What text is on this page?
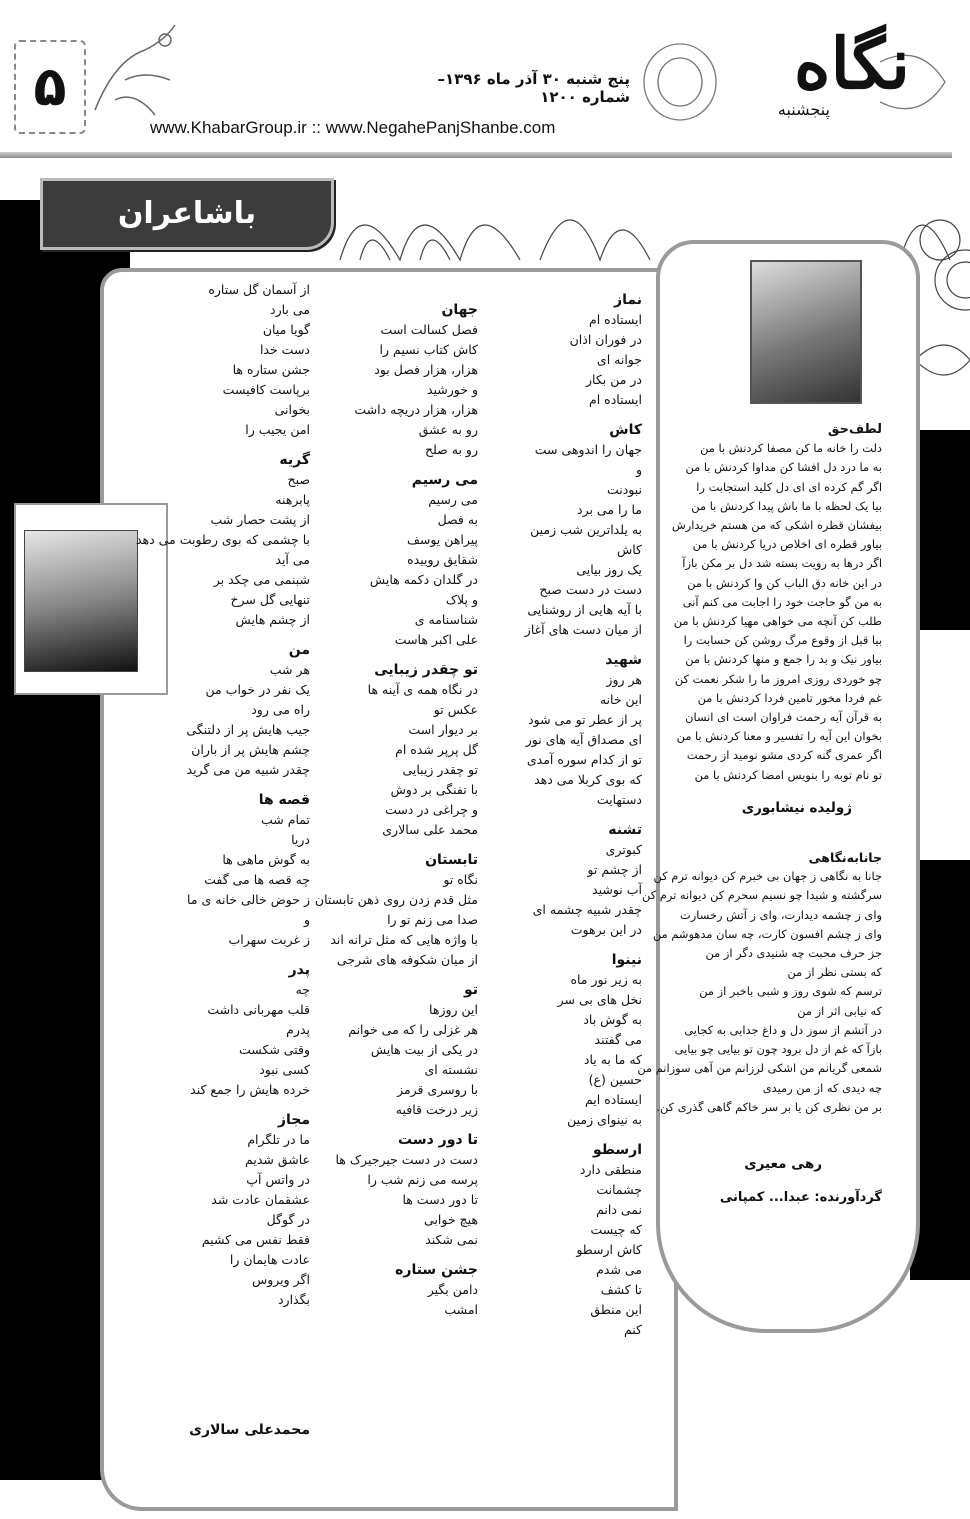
۵	نگاه
پنجشنبه
پنج شنبه ۳۰ آذر ماه ۱۳۹۶– شماره ۱۲۰۰
www.KhabarGroup.ir :: www.NegahePanjShanbe.com
باشاعران
نماز
ایستاده ام
در فوران اذان
جوانه ای
در من بکار
ایستاده ام
کاش
جهان را اندوهی ست
و
نبودنت
ما را می برد
به یلداترین شب زمین
کاش
یک روز بیایی
دست در دست صبح
با آیه هایی از روشنایی
از میان دست های آغاز
شهید
هر روز
این خانه
پر از عطر تو می شود
ای مصداق آیه های نور
تو از کدام سوره آمدی
که بوی کربلا می دهد
دستهایت
تشنه
کبوتری
از چشم تو
آب نوشید
چقدر شبیه چشمه ای
در این برهوت
نینوا
به زیر نور ماه
نخل های بی سر
به گوش باد
می گفتند
که ما به یاد
حسین (ع)
ایستاده ایم
به نینوای زمین
ارسطو
منطقی دارد
چشمانت
نمی دانم
که چیست
کاش ارسطو
می شدم
تا کشف
این منطق
کنم
جهان
فصل کسالت است
کاش کتاب نسیم را
هزار، هزار فصل بود
و خورشید
هزار، هزار دریچه داشت
رو به عشق
رو به صلح
می رسیم
می رسیم
به فصل
پیراهن یوسف
شقایق روییده
در گلدان دکمه هایش
و پلاک
شناسنامه ی
علی اکبر هاست
تو چقدر زیبایی
در نگاه همه ی آینه ها
عکس تو
بر دیوار است
گل پرپر شده ام
تو چقدر زیبایی
با تفنگی بر دوش
و چراغی در دست
محمد علی سالاری
تابستان
نگاه تو
مثل قدم زدن روی ذهن تابستان
صدا می زنم تو را
با واژه هایی که مثل ترانه اند
از میان شکوفه های شرجی
تو
این روزها
هر غزلی را که می خوانم
در یکی از بیت هایش
نشسته ای
با روسری قرمز
زیر درخت قافیه
تا دور دست
دست در دست جیرجیرک ها
پرسه می زنم شب را
تا دور دست ها
هیچ خوابی
نمی شکند
جشن ستاره
دامن بگیر
امشب
از آسمان گل ستاره
می بارد
گویا میان
دست خدا
جشن ستاره ها
برپاست کافیست
بخوانی
امن یجیب را
گریه
صبح
پابرهنه
از پشت حصار شب
با چشمی که بوی رطوبت می دهد
می آید
شبنمی می چکد بر
تنهایی گل سرخ
از چشم هایش
من
هر شب
یک نفر در خواب من
راه می رود
جیب هایش پر از دلتنگی
چشم هایش پر از باران
چقدر شبیه من می گرید
قصه ها
تمام شب
دریا
به گوش ماهی ها
چه قصه ها می گفت
ز حوض خالی خانه ی ما
و
ز غربت سهراب
پدر
چه
قلب مهربانی داشت
پدرم
وقتی شکست
کسی نبود
خرده هایش را جمع کند
مجاز
ما در تلگرام
عاشق شدیم
در واتس آپ
عشقمان عادت شد
در گوگل
فقط نفس می کشیم
عادت هایمان را
اگر ویروس
بگذارد
محمدعلی سالاری
لطف‌حق
دلت را خانه ما کن مصفا کردنش با من
به ما درد دل افشا کن مداوا کردنش با من
اگر گم کرده ای ای دل کلید استجابت را
بیا یک لحظه با ما باش پیدا کردنش با من
بیفشان قطره اشکی که من هستم خریدارش
بیاور قطره ای اخلاص دریا کردنش با من
اگر درها به رویت بسته شد دل بر مکن بازآ
در این خانه دق الباب کن وا کردنش با من
به من گو حاجت خود را اجابت می کنم آنی
طلب کن آنچه می خواهی مهیا کردنش با من
بیا قبل از وقوع مرگ روشن کن حسابت را
بیاور نیک و بد را جمع و منها کردنش با من
چو خوردی روزی امروز ما را شکر نعمت کن
غم فردا مخور تامین فردا کردنش با من
به قرآن آیه رحمت فراوان است ای انسان
بخوان این آیه را تفسیر و معنا کردنش با من
اگر عمری گنه کردی مشو نومید از رحمت
تو نام توبه را بنویس امضا کردنش با من
ژولیده نیشابوری
جانابه‌نگاهی
جانا به نگاهی ز جهان بی خبرم کن دیوانه ترم کن
سرگشته و شیدا چو نسیم سحرم کن دیوانه ترم کن
وای ز چشمه دیدارت، وای ز آتش رخسارت
وای ز چشم افسون کارت، چه سان مدهوشم من
جز حرف محبت چه شنیدی دگر از من
که بستی نظر از من
ترسم که شوی روز و شبی باخبر از من
که نیابی اثر از من
در آتشم از سوز دل و داغ جدایی به کجایی
بازآ که غم از دل برود چون تو بیایی چو بیایی
شمعی گریانم من اشکی لرزانم من آهی سوزانم من
چه دیدی که از من رمیدی
بر من نظری کن یا بر سر خاکم گاهی گذری کن.
رهی معیری
گردآورنده: عبدا... کمپانی
